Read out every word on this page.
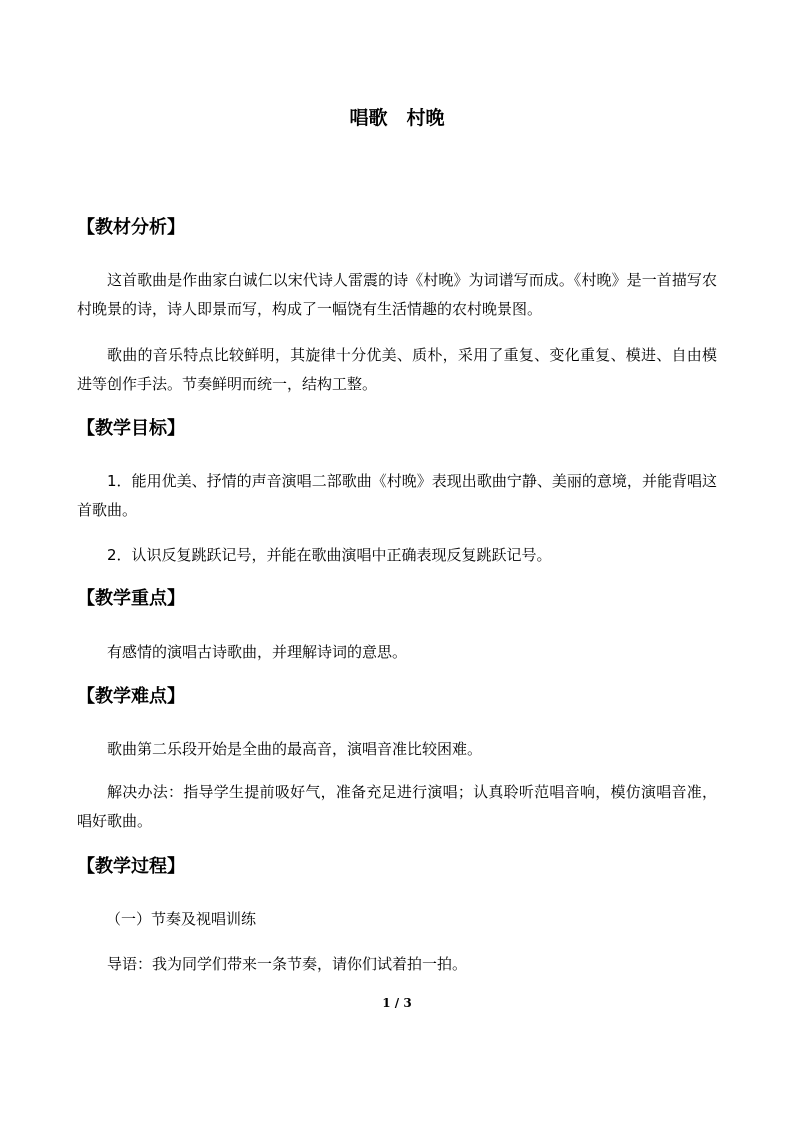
唱歌　村晚
【教材分析】

这首歌曲是作曲家白诚仁以宋代诗人雷震的诗《村晚》为词谱写而成。《村晚》是一首描写农村晚景的诗，诗人即景而写，构成了一幅饶有生活情趣的农村晚景图。

歌曲的音乐特点比较鲜明，其旋律十分优美、质朴，采用了重复、变化重复、模进、自由模进等创作手法。节奏鲜明而统一，结构工整。

【教学目标】

1．能用优美、抒情的声音演唱二部歌曲《村晚》表现出歌曲宁静、美丽的意境，并能背唱这首歌曲。

2．认识反复跳跃记号，并能在歌曲演唱中正确表现反复跳跃记号。

【教学重点】

有感情的演唱古诗歌曲，并理解诗词的意思。

【教学难点】

歌曲第二乐段开始是全曲的最高音，演唱音准比较困难。

解决办法：指导学生提前吸好气，准备充足进行演唱；认真聆听范唱音响，模仿演唱音准，唱好歌曲。

【教学过程】
（一）节奏及视唱训练

导语：我为同学们带来一条节奏，请你们试着拍一拍。

1 / 3
